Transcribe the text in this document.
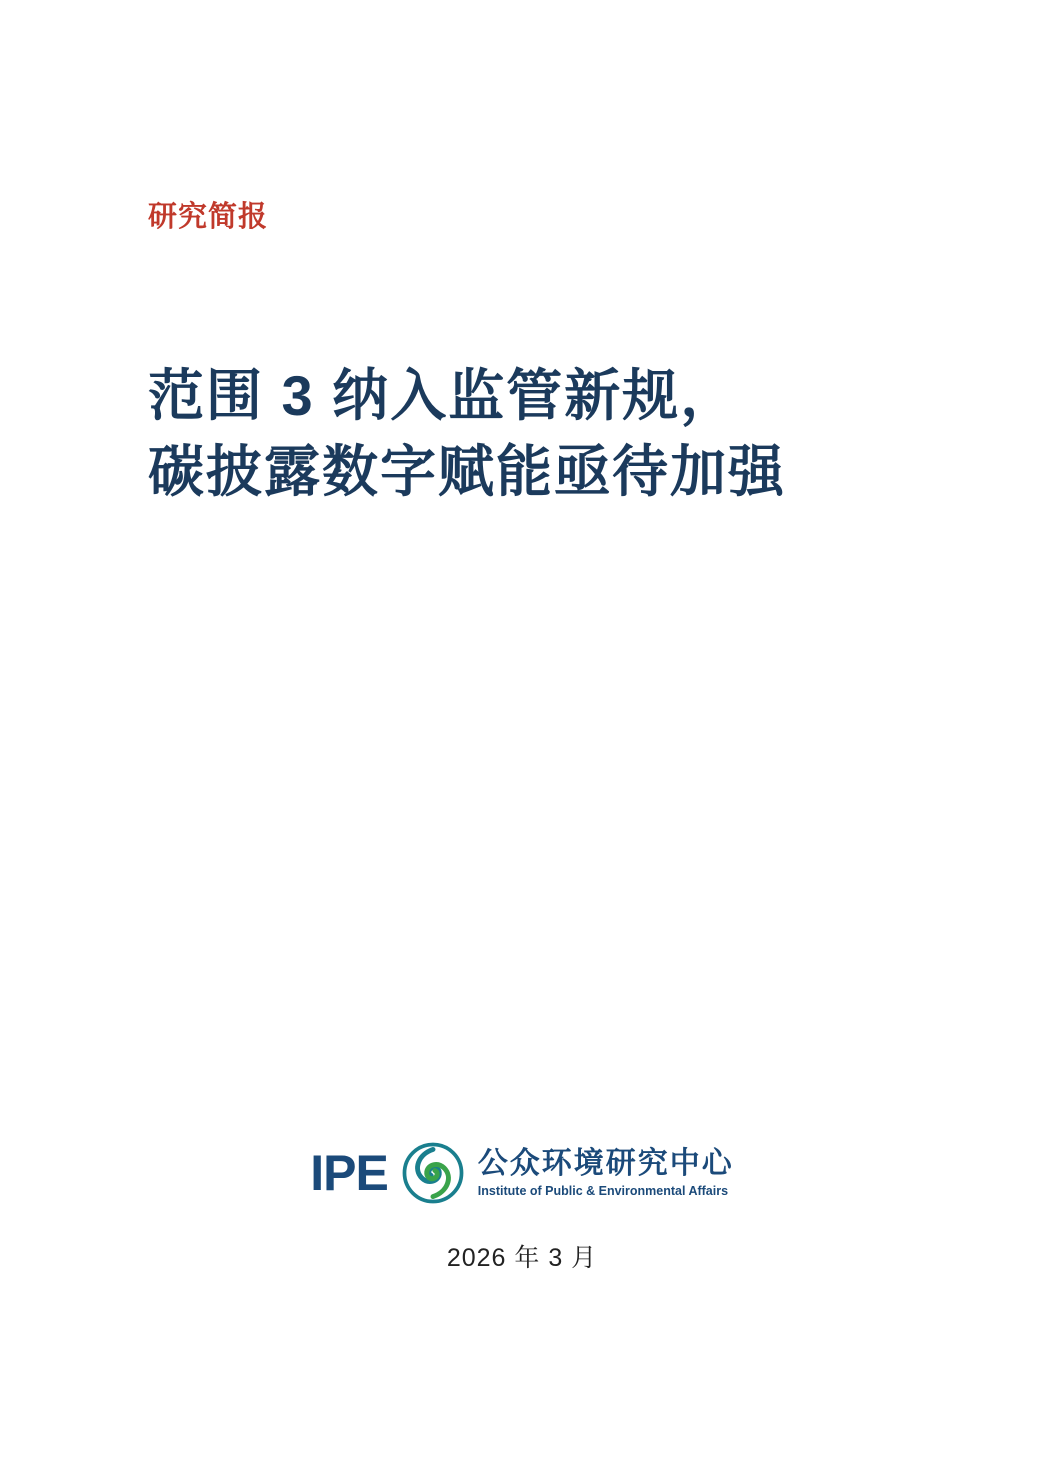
研究简报
范围 3 纳入监管新规，
碳披露数字赋能亟待加强
IPE	公众环境研究中心
Institute of Public & Environmental Affairs
2026 年 3 月
